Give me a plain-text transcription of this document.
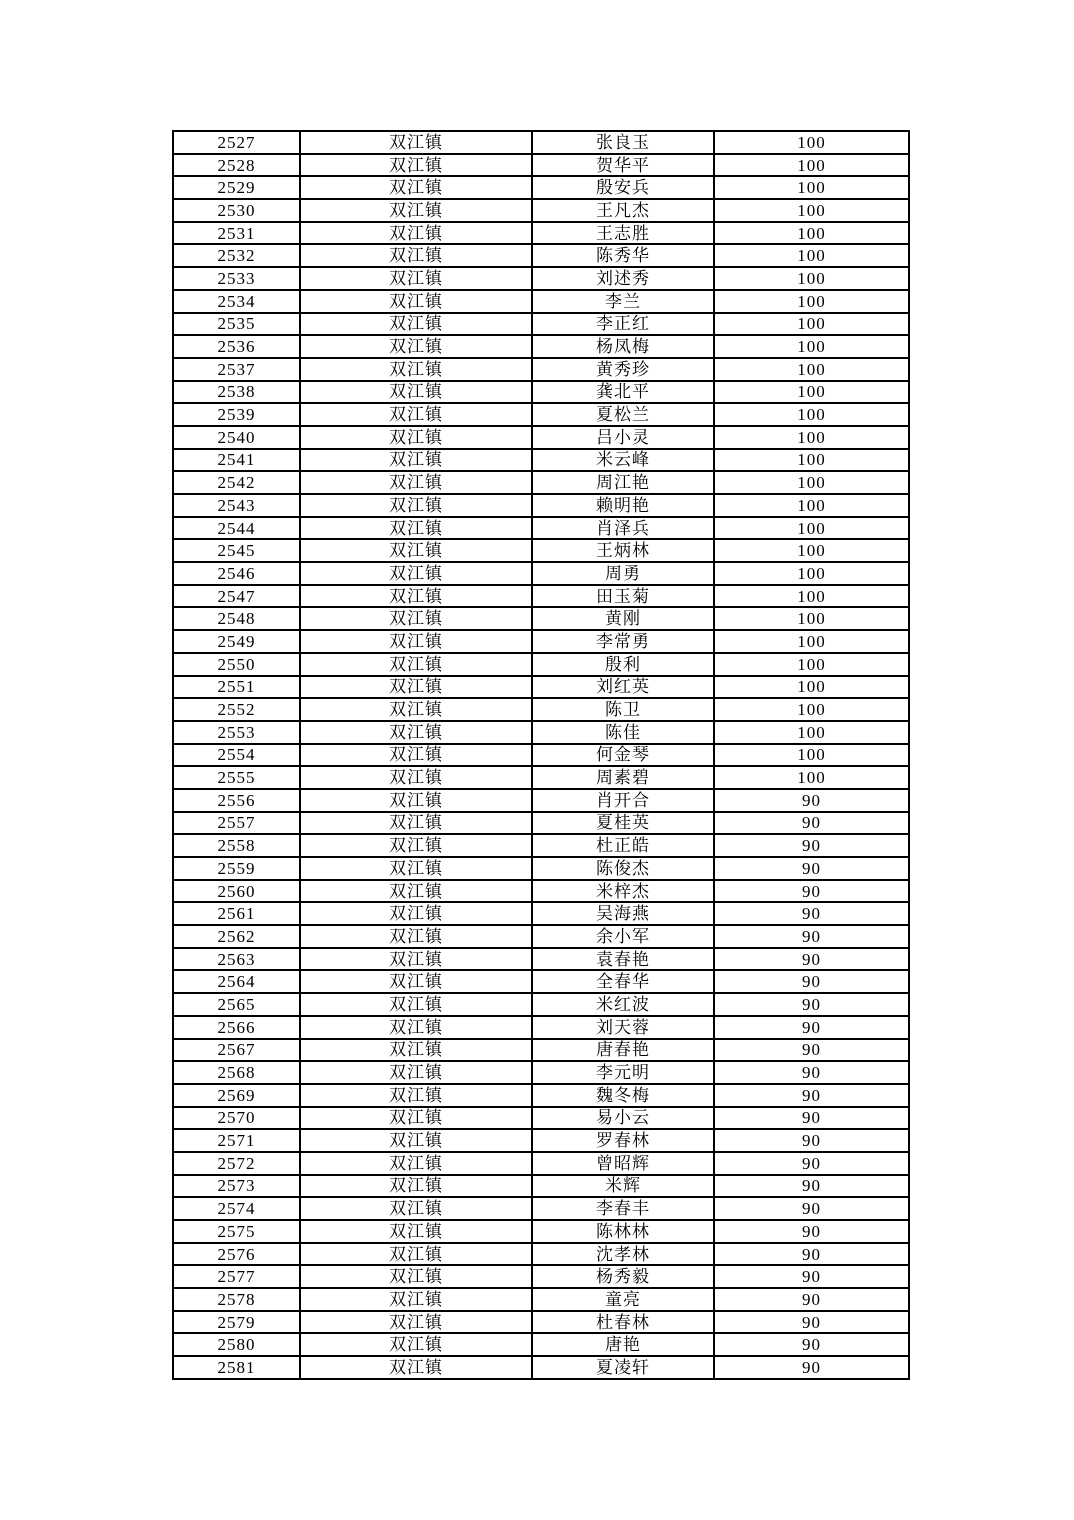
2527	双江镇	张良玉	100
2528	双江镇	贺华平	100
2529	双江镇	殷安兵	100
2530	双江镇	王凡杰	100
2531	双江镇	王志胜	100
2532	双江镇	陈秀华	100
2533	双江镇	刘述秀	100
2534	双江镇	李兰	100
2535	双江镇	李正红	100
2536	双江镇	杨凤梅	100
2537	双江镇	黄秀珍	100
2538	双江镇	龚北平	100
2539	双江镇	夏松兰	100
2540	双江镇	吕小灵	100
2541	双江镇	米云峰	100
2542	双江镇	周江艳	100
2543	双江镇	赖明艳	100
2544	双江镇	肖泽兵	100
2545	双江镇	王炳林	100
2546	双江镇	周勇	100
2547	双江镇	田玉菊	100
2548	双江镇	黄刚	100
2549	双江镇	李常勇	100
2550	双江镇	殷利	100
2551	双江镇	刘红英	100
2552	双江镇	陈卫	100
2553	双江镇	陈佳	100
2554	双江镇	何金琴	100
2555	双江镇	周素碧	100
2556	双江镇	肖开合	90
2557	双江镇	夏桂英	90
2558	双江镇	杜正皓	90
2559	双江镇	陈俊杰	90
2560	双江镇	米梓杰	90
2561	双江镇	吴海燕	90
2562	双江镇	余小军	90
2563	双江镇	袁春艳	90
2564	双江镇	全春华	90
2565	双江镇	米红波	90
2566	双江镇	刘天蓉	90
2567	双江镇	唐春艳	90
2568	双江镇	李元明	90
2569	双江镇	魏冬梅	90
2570	双江镇	易小云	90
2571	双江镇	罗春林	90
2572	双江镇	曾昭辉	90
2573	双江镇	米辉	90
2574	双江镇	李春丰	90
2575	双江镇	陈林林	90
2576	双江镇	沈孝林	90
2577	双江镇	杨秀毅	90
2578	双江镇	童亮	90
2579	双江镇	杜春林	90
2580	双江镇	唐艳	90
2581	双江镇	夏凌轩	90
